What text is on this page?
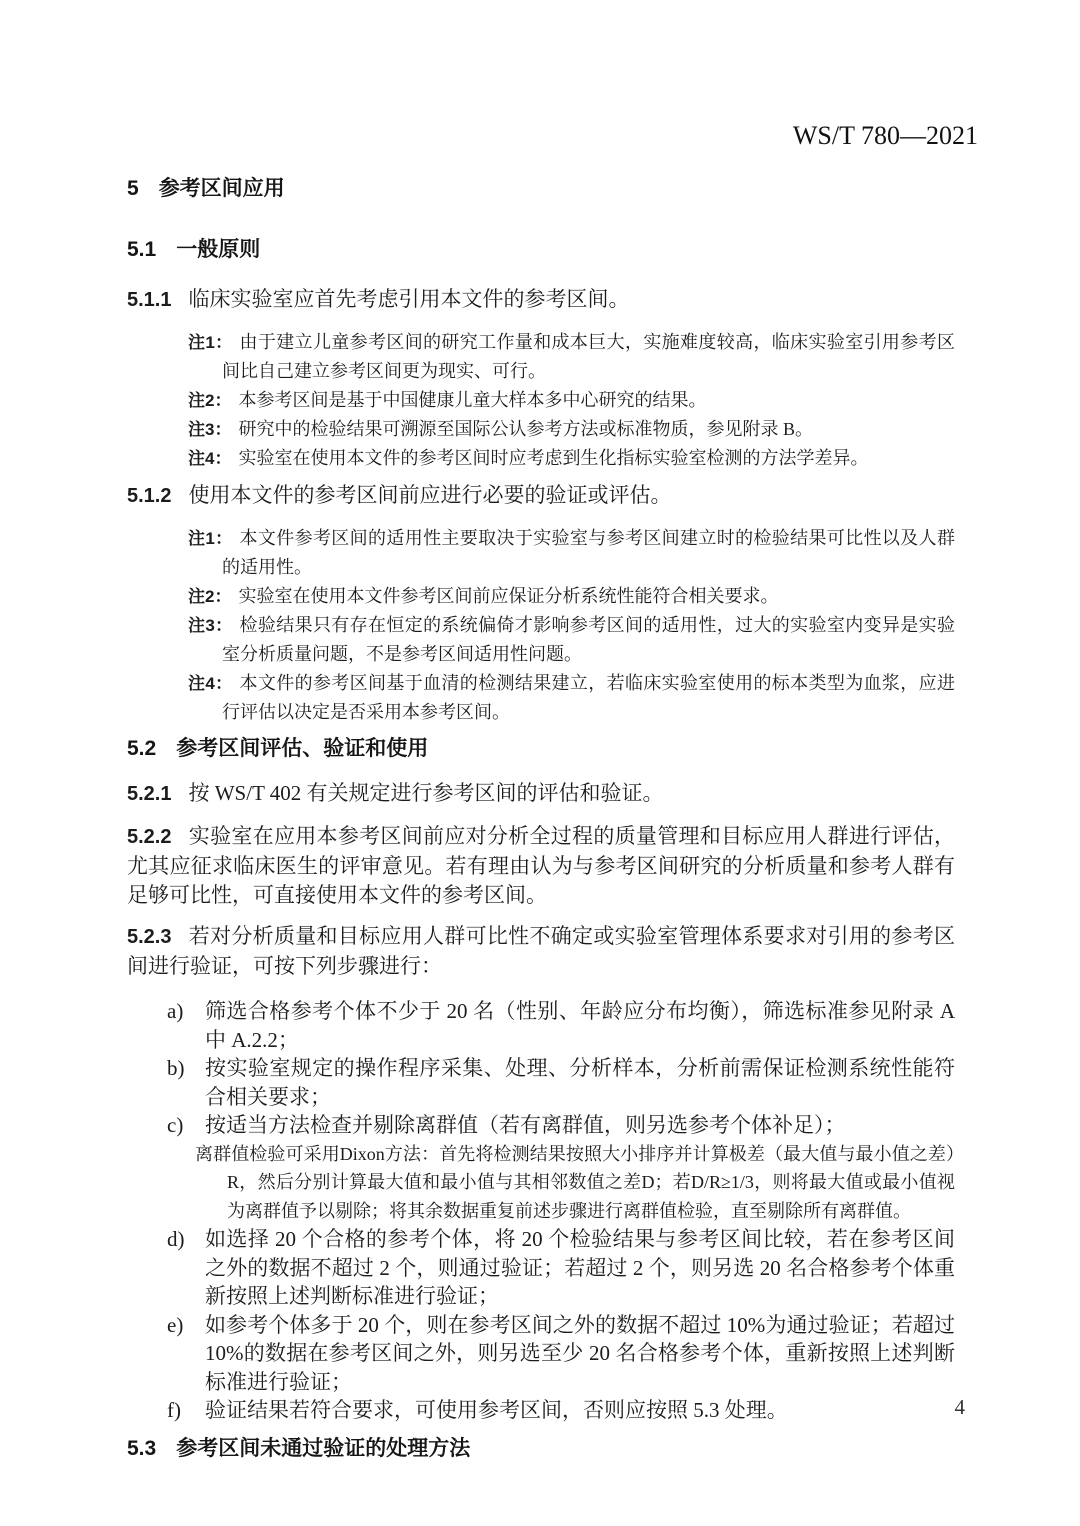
WS/T 780—2021
5 参考区间应用
5.1 一般原则
5.1.1 临床实验室应首先考虑引用本文件的参考区间。
注1： 由于建立儿童参考区间的研究工作量和成本巨大，实施难度较高，临床实验室引用参考区间比自己建立参考区间更为现实、可行。
注2： 本参考区间是基于中国健康儿童大样本多中心研究的结果。
注3： 研究中的检验结果可溯源至国际公认参考方法或标准物质，参见附录 B。
注4： 实验室在使用本文件的参考区间时应考虑到生化指标实验室检测的方法学差异。
5.1.2 使用本文件的参考区间前应进行必要的验证或评估。
注1： 本文件参考区间的适用性主要取决于实验室与参考区间建立时的检验结果可比性以及人群的适用性。
注2： 实验室在使用本文件参考区间前应保证分析系统性能符合相关要求。
注3： 检验结果只有存在恒定的系统偏倚才影响参考区间的适用性，过大的实验室内变异是实验室分析质量问题，不是参考区间适用性问题。
注4： 本文件的参考区间基于血清的检测结果建立，若临床实验室使用的标本类型为血浆，应进行评估以决定是否采用本参考区间。
5.2 参考区间评估、验证和使用
5.2.1 按 WS/T 402 有关规定进行参考区间的评估和验证。
5.2.2 实验室在应用本参考区间前应对分析全过程的质量管理和目标应用人群进行评估，尤其应征求临床医生的评审意见。若有理由认为与参考区间研究的分析质量和参考人群有足够可比性，可直接使用本文件的参考区间。
5.2.3 若对分析质量和目标应用人群可比性不确定或实验室管理体系要求对引用的参考区间进行验证，可按下列步骤进行：
a) 筛选合格参考个体不少于 20 名（性别、年龄应分布均衡），筛选标准参见附录 A 中 A.2.2；
b) 按实验室规定的操作程序采集、处理、分析样本，分析前需保证检测系统性能符合相关要求；
c) 按适当方法检查并剔除离群值（若有离群值，则另选参考个体补足）；
离群值检验可采用Dixon方法：首先将检测结果按照大小排序并计算极差（最大值与最小值之差）R，然后分别计算最大值和最小值与其相邻数值之差D；若D/R≥1/3，则将最大值或最小值视为离群值予以剔除；将其余数据重复前述步骤进行离群值检验，直至剔除所有离群值。
d) 如选择 20 个合格的参考个体，将 20 个检验结果与参考区间比较，若在参考区间之外的数据不超过 2 个，则通过验证；若超过 2 个，则另选 20 名合格参考个体重新按照上述判断标准进行验证；
e) 如参考个体多于 20 个，则在参考区间之外的数据不超过 10%为通过验证；若超过 10%的数据在参考区间之外，则另选至少 20 名合格参考个体，重新按照上述判断标准进行验证；
f) 验证结果若符合要求，可使用参考区间，否则应按照 5.3 处理。
5.3 参考区间未通过验证的处理方法
4
